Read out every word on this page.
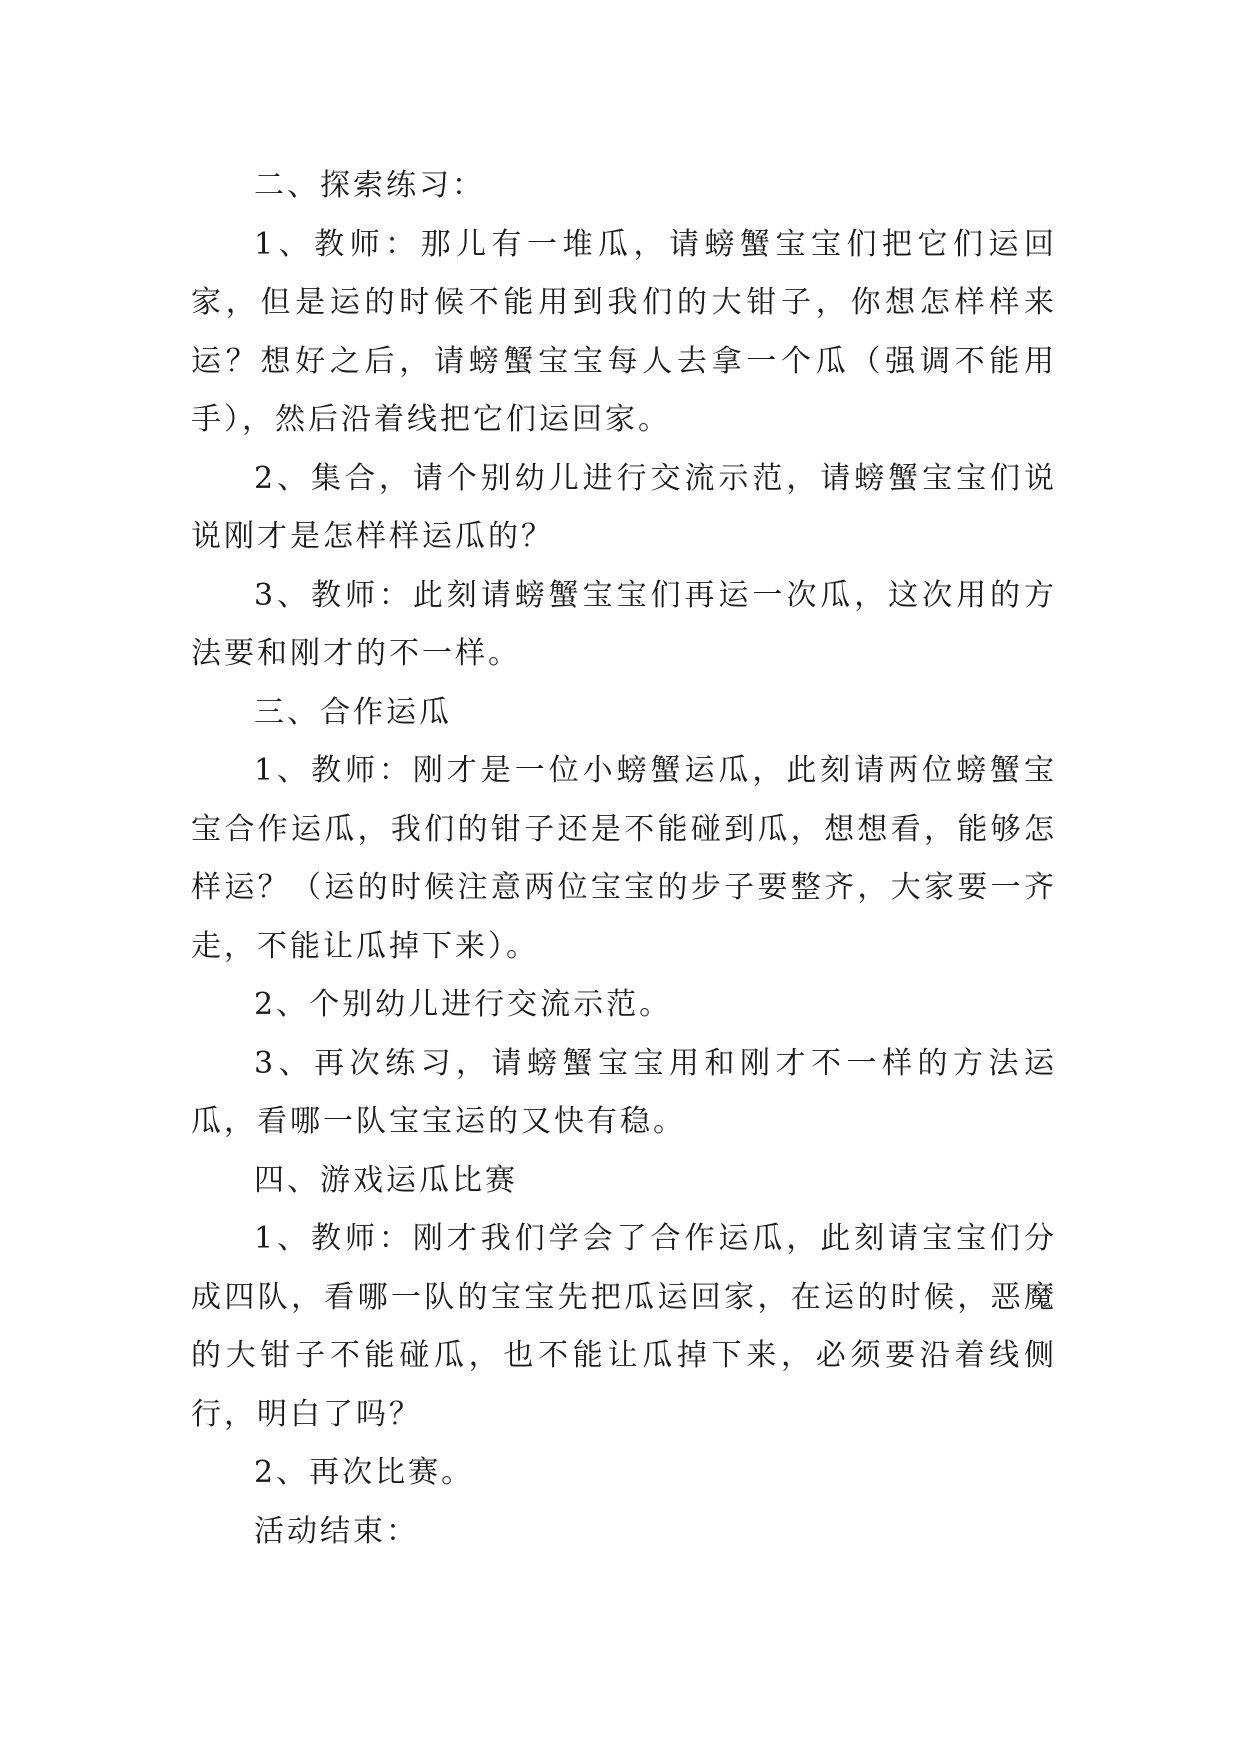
二、探索练习：

1、教师：那儿有一堆瓜，请螃蟹宝宝们把它们运回家，但是运的时候不能用到我们的大钳子，你想怎样样来运？想好之后，请螃蟹宝宝每人去拿一个瓜（强调不能用手），然后沿着线把它们运回家。

2、集合，请个别幼儿进行交流示范，请螃蟹宝宝们说说刚才是怎样样运瓜的？

3、教师：此刻请螃蟹宝宝们再运一次瓜，这次用的方法要和刚才的不一样。

三、合作运瓜

1、教师：刚才是一位小螃蟹运瓜，此刻请两位螃蟹宝宝合作运瓜，我们的钳子还是不能碰到瓜，想想看，能够怎样运？（运的时候注意两位宝宝的步子要整齐，大家要一齐走，不能让瓜掉下来）。

2、个别幼儿进行交流示范。

3、再次练习，请螃蟹宝宝用和刚才不一样的方法运瓜，看哪一队宝宝运的又快有稳。

四、游戏运瓜比赛

1、教师：刚才我们学会了合作运瓜，此刻请宝宝们分成四队，看哪一队的宝宝先把瓜运回家，在运的时候，恶魔的大钳子不能碰瓜，也不能让瓜掉下来，必须要沿着线侧行，明白了吗？

2、再次比赛。

活动结束：
